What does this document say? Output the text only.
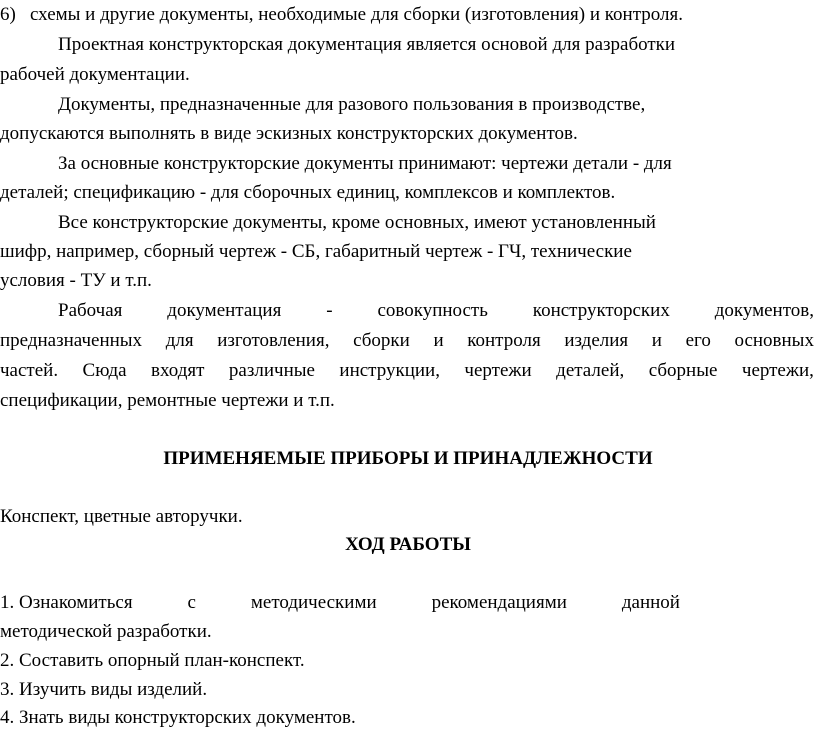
6) схемы и другие документы, необходимые для сборки (изготовления) и контроля.
Проектная конструкторская документация является основой для разработки
рабочей документации.
Документы, предназначенные для разового пользования в производстве,
допускаются выполнять в виде эскизных конструкторских документов.
За основные конструкторские документы принимают: чертежи детали - для
деталей; спецификацию - для сборочных единиц, комплексов и комплектов.
Все конструкторские документы, кроме основных, имеют установленный
шифр, например, сборный чертеж - СБ, габаритный чертеж - ГЧ, технические
условия - ТУ и т.п.
Рабочая документация - совокупность конструкторских документов,
предназначенных для изготовления, сборки и контроля изделия и его основных
частей. Сюда входят различные инструкции, чертежи деталей, сборные чертежи,
спецификации, ремонтные чертежи и т.п.
ПРИМЕНЯЕМЫЕ ПРИБОРЫ И ПРИНАДЛЕЖНОСТИ
Конспект, цветные авторучки.
ХОД РАБОТЫ
1. Ознакомиться	с	методическими	рекомендациями	данной
методической разработки.
2. Составить опорный план-конспект.
3. Изучить виды изделий.
4. Знать виды конструкторских документов.
